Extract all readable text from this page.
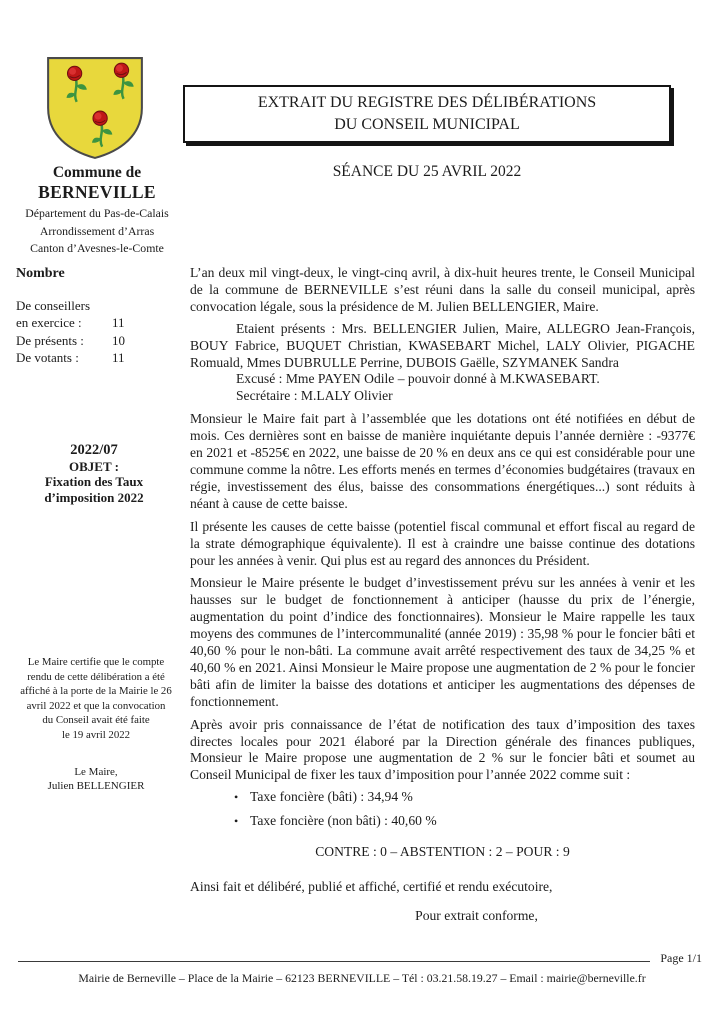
Commune de
BERNEVILLE
Département du Pas-de-Calais
Arrondissement d’Arras
Canton d’Avesnes-le-Comte
EXTRAIT DU REGISTRE DES DÉLIBÉRATIONS
DU CONSEIL MUNICIPAL
SÉANCE DU 25 AVRIL 2022
Nombre
De conseillers
en exercice :	11
De présents :	10
De votants :	11
2022/07
OBJET :
Fixation des Taux
d’imposition 2022
Le Maire certifie que le compte rendu de cette délibération a été affiché à la porte de la Mairie le 26 avril 2022 et que la convocation du Conseil avait été faite
le 19 avril 2022
Le Maire,
Julien BELLENGIER

L’an deux mil vingt-deux, le vingt-cinq avril, à dix-huit heures trente, le Conseil Municipal de la commune de BERNEVILLE s’est réuni dans la salle du conseil municipal, après convocation légale, sous la présidence de M. Julien BELLENGIER, Maire.

Etaient présents : Mrs. BELLENGIER Julien, Maire, ALLEGRO Jean-François, BOUY Fabrice, BUQUET Christian, KWASEBART Michel, LALY Olivier, PIGACHE Romuald, Mmes DUBRULLE Perrine, DUBOIS Gaëlle, SZYMANEK Sandra

Excusé : Mme PAYEN Odile – pouvoir donné à M.KWASEBART.

Secrétaire : M.LALY Olivier

Monsieur le Maire fait part à l’assemblée que les dotations ont été notifiées en début de mois. Ces dernières sont en baisse de manière inquiétante depuis l’année dernière : -9377€ en 2021 et -8525€ en 2022, une baisse de 20 % en deux ans ce qui est considérable pour une commune comme la nôtre. Les efforts menés en termes d’économies budgétaires (travaux en régie, investissement des élus, baisse des consommations énergétiques...) sont réduits à néant à cause de cette baisse.

Il présente les causes de cette baisse (potentiel fiscal communal et effort fiscal au regard de la strate démographique équivalente). Il est à craindre une baisse continue des dotations pour les années à venir. Qui plus est au regard des annonces du Président.

Monsieur le Maire présente le budget d’investissement prévu sur les années à venir et les hausses sur le budget de fonctionnement à anticiper (hausse du prix de l’énergie, augmentation du point d’indice des fonctionnaires). Monsieur le Maire rappelle les taux moyens des communes de l’intercommunalité (année 2019) : 35,98 % pour le foncier bâti et 40,60 % pour le non-bâti. La commune avait arrêté respectivement des taux de 34,25 % et 40,60 % en 2021. Ainsi Monsieur le Maire propose une augmentation de 2 % pour le foncier bâti afin de limiter la baisse des dotations et anticiper les augmentations des dépenses de fonctionnement.

Après avoir pris connaissance de l’état de notification des taux d’imposition des taxes directes locales pour 2021 élaboré par la Direction générale des finances publiques, Monsieur le Maire propose une augmentation de 2 % sur le foncier bâti et soumet au Conseil Municipal de fixer les taux d’imposition pour l’année 2022 comme suit :

• Taxe foncière (bâti) : 34,94 %
• Taxe foncière (non bâti) : 40,60 %
CONTRE : 0 – ABSTENTION : 2 – POUR : 9
Ainsi fait et délibéré, publié et affiché, certifié et rendu exécutoire,
Pour extrait conforme,
Page 1/1
Mairie de Berneville – Place de la Mairie – 62123 BERNEVILLE – Tél : 03.21.58.19.27 – Email : mairie@berneville.fr
